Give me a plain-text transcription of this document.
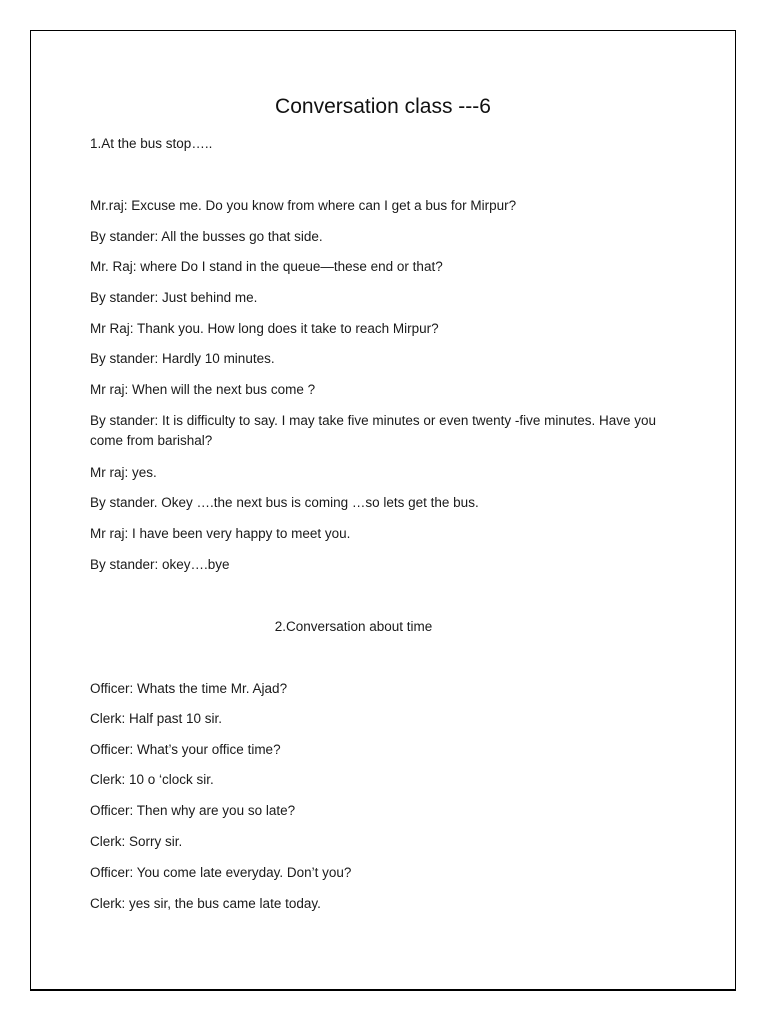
Conversation class ---6

1.At the bus stop…..

Mr.raj: Excuse me. Do you know from where can I get a bus for Mirpur?

By stander: All the busses go that side.

Mr. Raj: where Do I stand in the queue—these end or that?

By stander: Just behind me.

Mr Raj: Thank you. How long does it take to reach Mirpur?

By stander: Hardly 10 minutes.

Mr raj: When will the next bus come ?

By stander: It is difficulty to say. I may take five minutes or even twenty -five minutes. Have you come from barishal?

Mr raj: yes.

By stander. Okey ….the next bus is coming …so lets get the bus.

Mr raj: I have been very happy to meet you.

By stander: okey….bye

2.Conversation about time

Officer: Whats the time Mr. Ajad?

Clerk: Half past 10 sir.

Officer: What’s your office time?

Clerk: 10 o ‘clock sir.

Officer: Then why are you so late?

Clerk: Sorry sir.

Officer: You come late everyday. Don’t you?

Clerk: yes sir, the bus came late today.
